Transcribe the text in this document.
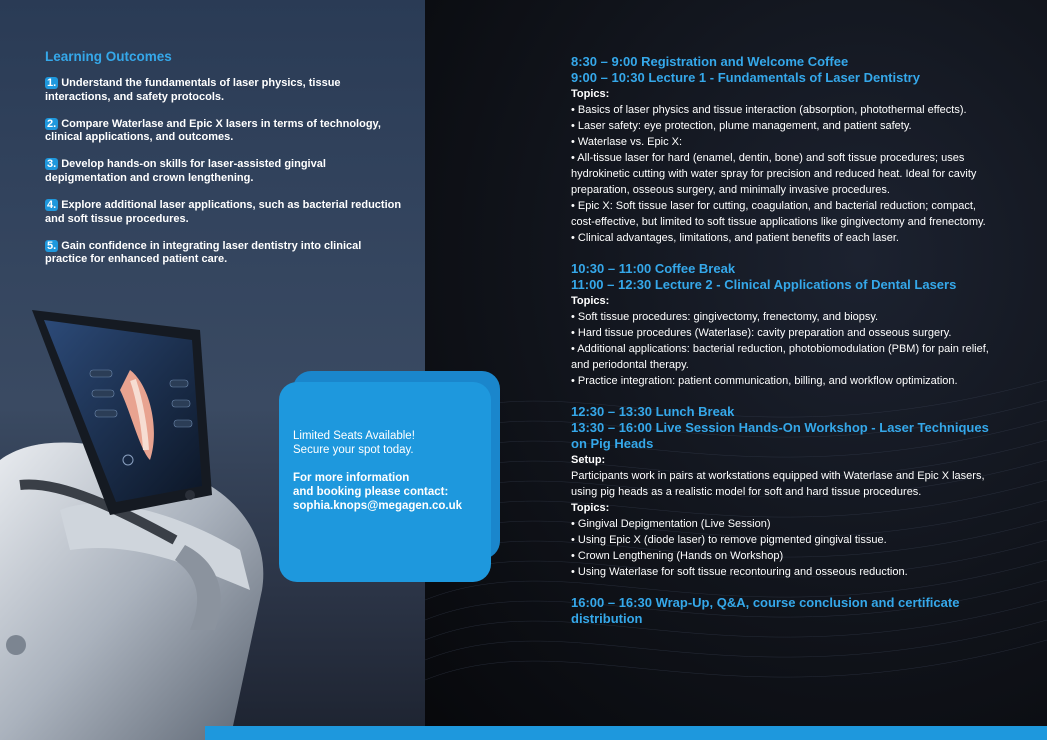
Learning Outcomes
1. Understand the fundamentals of laser physics, tissue interactions, and safety protocols.
2. Compare Waterlase and Epic X lasers in terms of technology, clinical applications, and outcomes.
3. Develop hands-on skills for laser-assisted gingival depigmentation and crown lengthening.
4. Explore additional laser applications, such as bacterial reduction and soft tissue procedures.
5. Gain confidence in integrating laser dentistry into clinical practice for enhanced patient care.

Limited Seats Available!
Secure your spot today.

For more information
and booking please contact:
sophia.knops@megagen.co.uk

8:30 – 9:00 Registration and Welcome Coffee
9:00 – 10:30 Lecture 1 - Fundamentals of Laser Dentistry
Topics:
• Basics of laser physics and tissue interaction (absorption, photothermal effects).
• Laser safety: eye protection, plume management, and patient safety.
• Waterlase vs. Epic X:
• All-tissue laser for hard (enamel, dentin, bone) and soft tissue procedures; uses hydrokinetic cutting with water spray for precision and reduced heat. Ideal for cavity preparation, osseous surgery, and minimally invasive procedures.
• Epic X: Soft tissue laser for cutting, coagulation, and bacterial reduction; compact, cost-effective, but limited to soft tissue applications like gingivectomy and frenectomy.
• Clinical advantages, limitations, and patient benefits of each laser.
10:30 – 11:00 Coffee Break
11:00 – 12:30 Lecture 2 - Clinical Applications of Dental Lasers
Topics:
• Soft tissue procedures: gingivectomy, frenectomy, and biopsy.
• Hard tissue procedures (Waterlase): cavity preparation and osseous surgery.
• Additional applications: bacterial reduction, photobiomodulation (PBM) for pain relief, and periodontal therapy.
• Practice integration: patient communication, billing, and workflow optimization.
12:30 – 13:30 Lunch Break
13:30 – 16:00 Live Session Hands-On Workshop - Laser Techniques on Pig Heads
Setup:
Participants work in pairs at workstations equipped with Waterlase and Epic X lasers, using pig heads as a realistic model for soft and hard tissue procedures.
Topics:
• Gingival Depigmentation (Live Session)
• Using Epic X (diode laser) to remove pigmented gingival tissue.
• Crown Lengthening (Hands on Workshop)
• Using Waterlase for soft tissue recontouring and osseous reduction.
16:00 – 16:30 Wrap-Up, Q&A, course conclusion and certificate distribution
